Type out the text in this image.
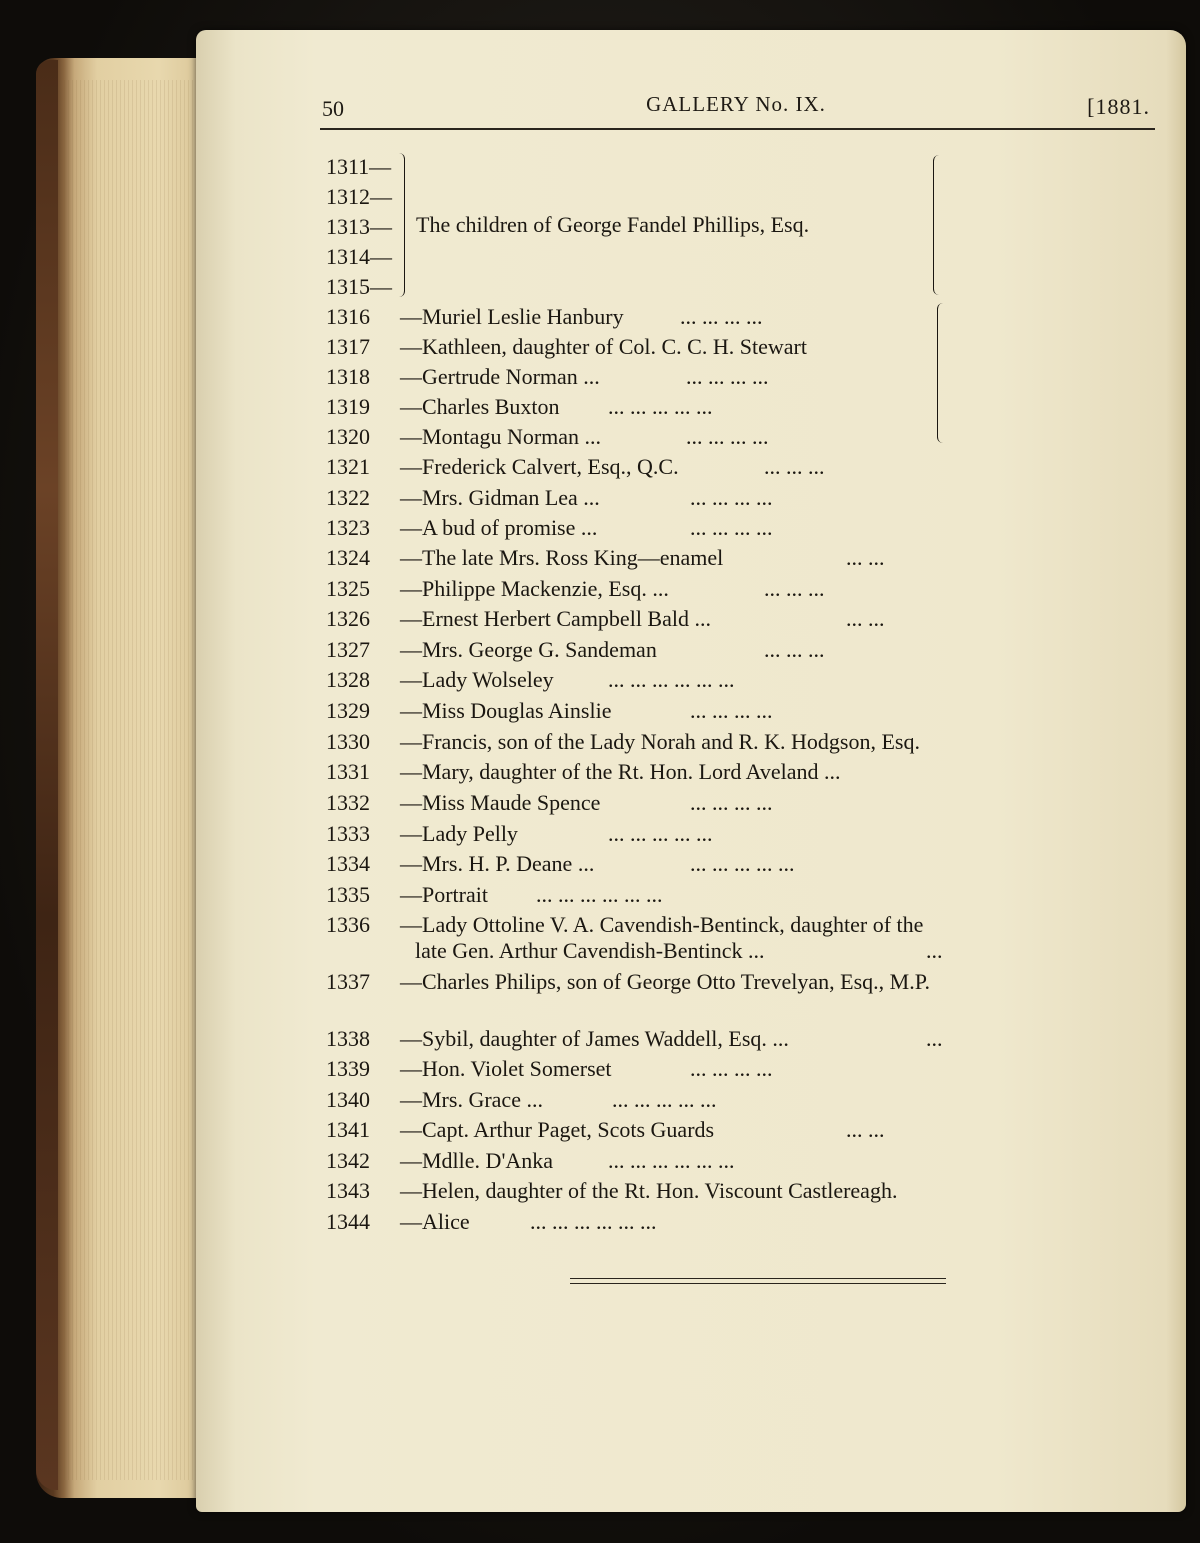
50	GALLERY No. IX.	[1881.
1311—
1312—
1313—
1314—
1315—
The children of George Fandel Phillips, Esq.
1316 —Muriel Leslie Hanbury	... ... ... ...
1317 —Kathleen, daughter of Col. C. C. H. Stewart
1318 —Gertrude Norman ...	... ... ... ...
1319 —Charles Buxton ... ... ... ... ...
1320 —Montagu Norman ...	... ... ... ...
1321 —Frederick Calvert, Esq., Q.C.	... ... ...
1322 —Mrs. Gidman Lea ...	... ... ... ...
1323 —A bud of promise ...	... ... ... ...
1324 —The late Mrs. Ross King—enamel	... ...
1325 —Philippe Mackenzie, Esq. ...	... ... ...
1326 —Ernest Herbert Campbell Bald ...	... ...
1327 —Mrs. George G. Sandeman	... ... ...
1328 —Lady Wolseley ... ... ... ... ... ...
1329 —Miss Douglas Ainslie	... ... ... ...
1330 —Francis, son of the Lady Norah and R. K. Hodgson, Esq.
1331 —Mary, daughter of the Rt. Hon. Lord Aveland ...
1332 —Miss Maude Spence	... ... ... ...
1333 —Lady Pelly	... ... ... ... ...
1334 —Mrs. H. P. Deane ...	... ... ... ... ...
1335 —Portrait ... ... ... ... ... ...
1336 —Lady Ottoline V. A. Cavendish-Bentinck, daughter of the
late Gen. Arthur Cavendish-Bentinck ...	...
1337 —Charles Philips, son of George Otto Trevelyan, Esq., M.P.
1338 —Sybil, daughter of James Waddell, Esq. ...	...
1339 —Hon. Violet Somerset	... ... ... ...
1340 —Mrs. Grace ...	... ... ... ... ...
1341 —Capt. Arthur Paget, Scots Guards	... ...
1342 —Mdlle. D'Anka ... ... ... ... ... ...
1343 —Helen, daughter of the Rt. Hon. Viscount Castlereagh.
1344 —Alice	... ... ... ... ... ...
